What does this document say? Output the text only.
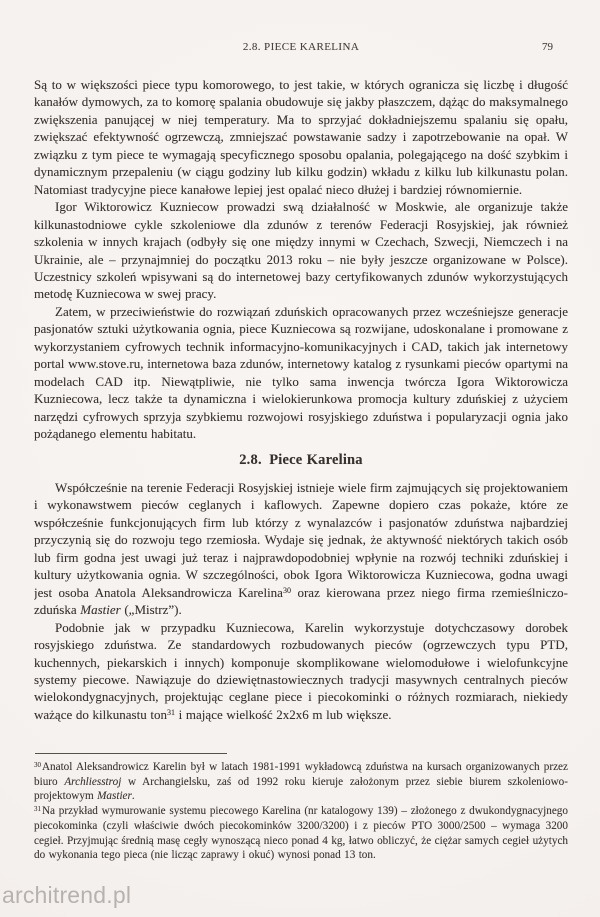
2.8. PIECE KARELINA	79

Są to w większości piece typu komorowego, to jest takie, w których ogranicza się liczbę i długość kanałów dymowych, za to komorę spalania obudowuje się jakby płaszczem, dążąc do maksymalnego zwiększenia panującej w niej temperatury. Ma to sprzyjać dokładniejszemu spalaniu się opału, zwiększać efektywność ogrzewczą, zmniejszać powstawanie sadzy i zapotrzebowanie na opał. W związku z tym piece te wymagają specyficznego sposobu opalania, polegającego na dość szybkim i dynamicznym przepaleniu (w ciągu godziny lub kilku godzin) wkładu z kilku lub kilkunastu polan. Natomiast tradycyjne piece kanałowe lepiej jest opalać nieco dłużej i bardziej równomiernie.

Igor Wiktorowicz Kuzniecow prowadzi swą działalność w Moskwie, ale organizuje także kilkunastodniowe cykle szkoleniowe dla zdunów z terenów Federacji Rosyjskiej, jak również szkolenia w innych krajach (odbyły się one między innymi w Czechach, Szwecji, Niemczech i na Ukrainie, ale – przynajmniej do początku 2013 roku – nie były jeszcze organizowane w Polsce). Uczestnicy szkoleń wpisywani są do internetowej bazy certyfikowanych zdunów wykorzystujących metodę Kuzniecowa w swej pracy.

Zatem, w przeciwieństwie do rozwiązań zduńskich opracowanych przez wcześniejsze generacje pasjonatów sztuki użytkowania ognia, piece Kuzniecowa są rozwijane, udoskonalane i promowane z wykorzystaniem cyfrowych technik informacyjno-komunikacyjnych i CAD, takich jak internetowy portal www.stove.ru, internetowa baza zdunów, internetowy katalog z rysunkami pieców opartymi na modelach CAD itp. Niewątpliwie, nie tylko sama inwencja twórcza Igora Wiktorowicza Kuzniecowa, lecz także ta dynamiczna i wielokierunkowa promocja kultury zduńskiej z użyciem narzędzi cyfrowych sprzyja szybkiemu rozwojowi rosyjskiego zduństwa i popularyzacji ognia jako pożądanego elementu habitatu.

2.8. Piece Karelina

Współcześnie na terenie Federacji Rosyjskiej istnieje wiele firm zajmujących się projektowaniem i wykonawstwem pieców ceglanych i kaflowych. Zapewne dopiero czas pokaże, które ze współcześnie funkcjonujących firm lub którzy z wynalazców i pasjonatów zduństwa najbardziej przyczynią się do rozwoju tego rzemiosła. Wydaje się jednak, że aktywność niektórych takich osób lub firm godna jest uwagi już teraz i najprawdopodobniej wpłynie na rozwój techniki zduńskiej i kultury użytkowania ognia. W szczególności, obok Igora Wiktorowicza Kuzniecowa, godna uwagi jest osoba Anatola Aleksandrowicza Karelina$^{30}$ oraz kierowana przez niego firma rzemieślniczo-zduńska Mastier („Mistrz”).

Podobnie jak w przypadku Kuzniecowa, Karelin wykorzystuje dotychczasowy dorobek rosyjskiego zduństwa. Ze standardowych rozbudowanych pieców (ogrzewczych typu PTD, kuchennych, piekarskich i innych) komponuje skomplikowane wielomodułowe i wielofunkcyjne systemy piecowe. Nawiązuje do dziewiętnastowiecznych tradycji masywnych centralnych pieców wielokondygnacyjnych, projektując ceglane piece i piecokominki o różnych rozmiarach, niekiedy ważące do kilkunastu ton$^{31}$ i mające wielkość 2x2x6 m lub większe.

$^{30}$Anatol Aleksandrowicz Karelin był w latach 1981-1991 wykładowcą zduństwa na kursach organizowanych przez biuro Archliesstroj w Archangielsku, zaś od 1992 roku kieruje założonym przez siebie biurem szkoleniowo-projektowym Mastier.

$^{31}$Na przykład wymurowanie systemu piecowego Karelina (nr katalogowy 139) – złożonego z dwukondygnacyjnego piecokominka (czyli właściwie dwóch piecokominków 3200/3200) i z pieców PTO 3000/2500 – wymaga 3200 cegieł. Przyjmując średnią masę cegły wynoszącą nieco ponad 4 kg, łatwo obliczyć, że ciężar samych cegieł użytych do wykonania tego pieca (nie licząc zaprawy i okuć) wynosi ponad 13 ton.

architrend.pl
